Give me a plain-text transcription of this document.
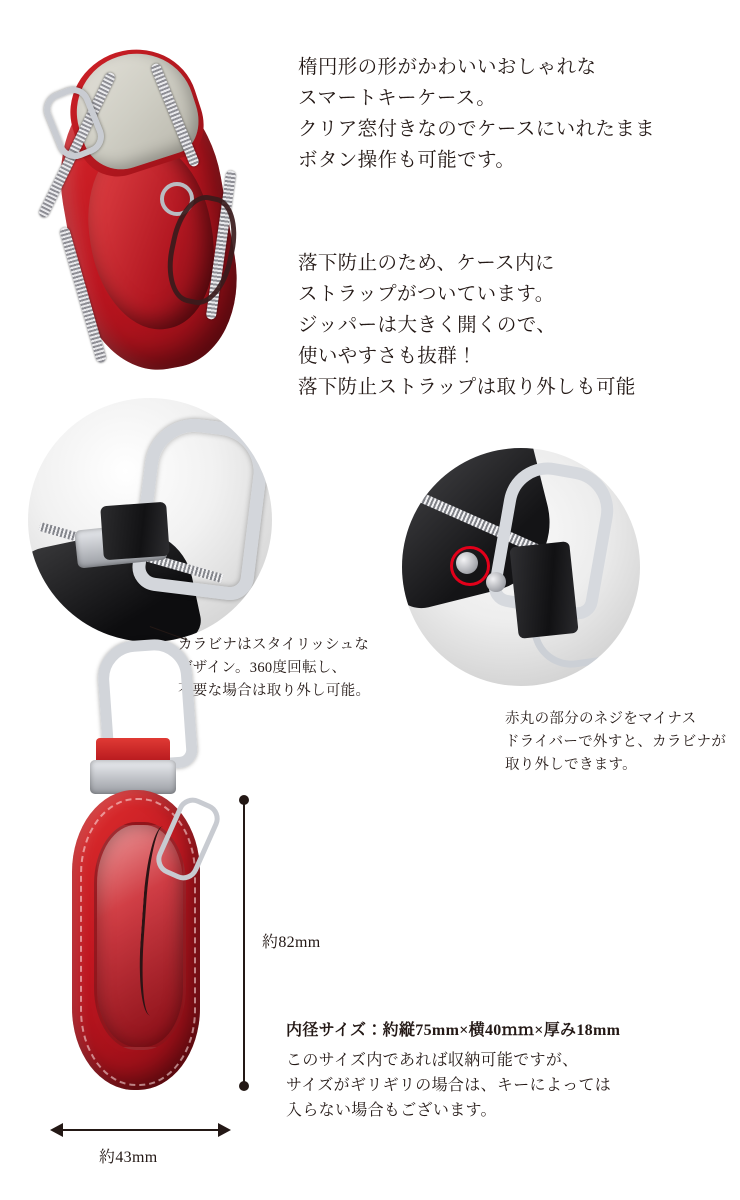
楕円形の形がかわいいおしゃれな
スマートキーケース。
クリア窓付きなのでケースにいれたまま
ボタン操作も可能です。
落下防止のため、ケース内に
ストラップがついています。
ジッパーは大きく開くので、
使いやすさも抜群！
落下防止ストラップは取り外しも可能
カラビナはスタイリッシュな
デザイン。360度回転し、
不要な場合は取り外し可能。
赤丸の部分のネジをマイナス
ドライバーで外すと、カラビナが
取り外しできます。
約82mm
約43mm
内径サイズ：約縦75mm×横40ｍｍ×厚み18mm
このサイズ内であれば収納可能ですが、
サイズがギリギリの場合は、キーによっては
入らない場合もございます。
